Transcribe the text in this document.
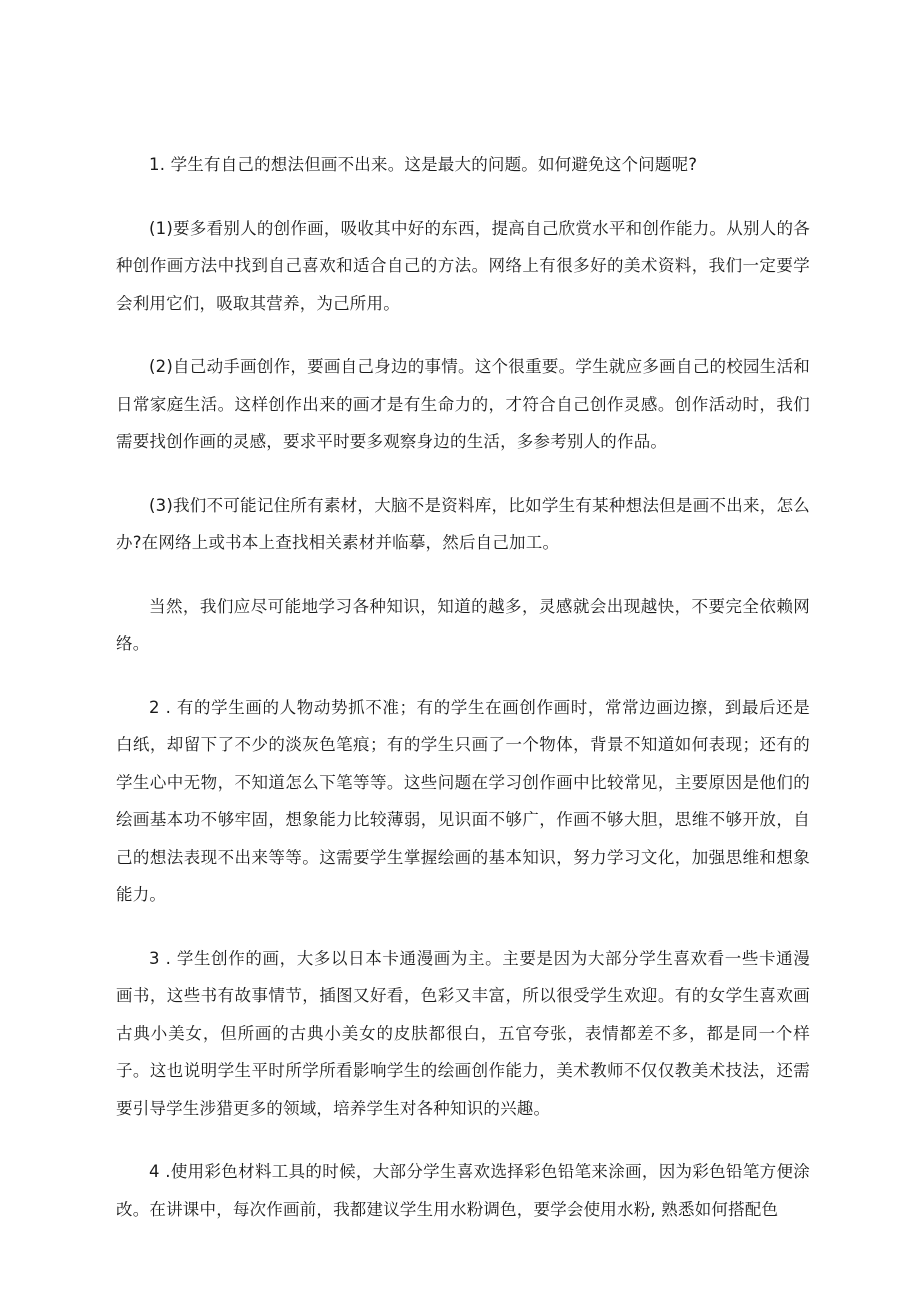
1. 学生有自己的想法但画不出来。这是最大的问题。如何避免这个问题呢?

(1)要多看别人的创作画，吸收其中好的东西，提高自己欣赏水平和创作能力。从别人的各种创作画方法中找到自己喜欢和适合自己的方法。网络上有很多好的美术资料，我们一定要学会利用它们，吸取其营养，为己所用。

(2)自己动手画创作，要画自己身边的事情。这个很重要。学生就应多画自己的校园生活和日常家庭生活。这样创作出来的画才是有生命力的，才符合自己创作灵感。创作活动时，我们需要找创作画的灵感，要求平时要多观察身边的生活，多参考别人的作品。

(3)我们不可能记住所有素材，大脑不是资料库，比如学生有某种想法但是画不出来，怎么办?在网络上或书本上查找相关素材并临摹，然后自己加工。

当然，我们应尽可能地学习各种知识，知道的越多，灵感就会出现越快，不要完全依赖网络。

2 . 有的学生画的人物动势抓不准；有的学生在画创作画时，常常边画边擦，到最后还是白纸，却留下了不少的淡灰色笔痕；有的学生只画了一个物体，背景不知道如何表现；还有的学生心中无物，不知道怎么下笔等等。这些问题在学习创作画中比较常见，主要原因是他们的绘画基本功不够牢固，想象能力比较薄弱，见识面不够广，作画不够大胆，思维不够开放，自己的想法表现不出来等等。这需要学生掌握绘画的基本知识，努力学习文化，加强思维和想象能力。

3 . 学生创作的画，大多以日本卡通漫画为主。主要是因为大部分学生喜欢看一些卡通漫画书，这些书有故事情节，插图又好看，色彩又丰富，所以很受学生欢迎。有的女学生喜欢画古典小美女，但所画的古典小美女的皮肤都很白，五官夸张，表情都差不多，都是同一个样子。这也说明学生平时所学所看影响学生的绘画创作能力，美术教师不仅仅教美术技法，还需要引导学生涉猎更多的领域，培养学生对各种知识的兴趣。

4 .使用彩色材料工具的时候，大部分学生喜欢选择彩色铅笔来涂画，因为彩色铅笔方便涂改。在讲课中，每次作画前，我都建议学生用水粉调色，要学会使用水粉, 熟悉如何搭配色
